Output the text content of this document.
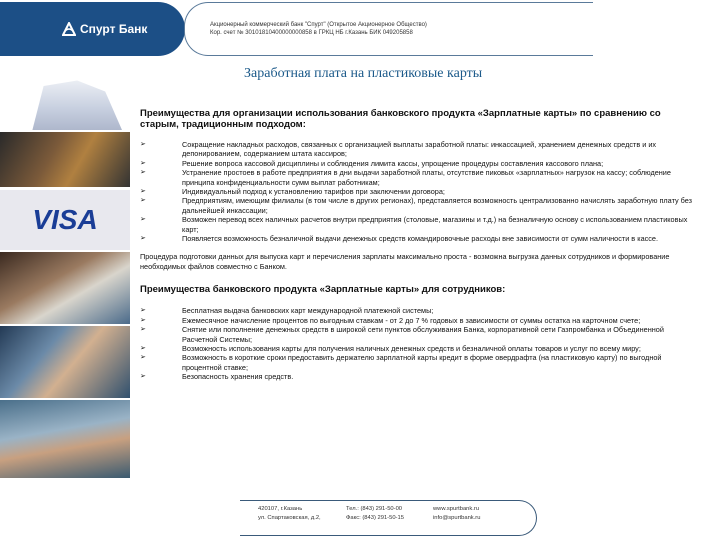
Спурт Банк	Акционерный коммерческий банк "Спурт" (Открытое Акционерное Общество)
Кор. счет № 30101810400000000858 в ГРКЦ НБ г.Казань БИК 049205858
Заработная плата на пластиковые карты
VISA
Преимущества для организации использования банковского продукта «Зарплатные карты» по сравнению со старым, традиционным подходом:
➢	Сокращение накладных расходов, связанных с организацией выплаты заработной платы: инкассацией, хранением денежных средств и их депонированием, содержанием штата кассиров;
➢	Решение вопроса кассовой дисциплины и соблюдения лимита кассы, упрощение процедуры составления кассового плана;
➢	Устранение простоев в работе предприятия в дни выдачи заработной платы, отсутствие пиковых «зарплатных» нагрузок на кассу; соблюдение принципа конфиденциальности сумм выплат работникам;
➢	Индивидуальный подход к установлению тарифов при заключении договора;
➢	Предприятиям, имеющим филиалы (в том числе в других регионах), представляется возможность централизованно начислять заработную плату без дальнейшей инкассации;
➢	Возможен перевод всех наличных расчетов внутри предприятия (столовые, магазины и т.д.) на безналичную основу с использованием пластиковых карт;
➢	Появляется возможность безналичной выдачи денежных средств командировочные расходы вне зависимости от сумм наличности в кассе.
Процедура подготовки данных для выпуска карт и перечисления зарплаты максимально проста - возможна выгрузка данных сотрудников и формирование необходимых файлов совместно с Банком.
Преимущества банковского продукта «Зарплатные карты» для сотрудников:
➢	Бесплатная выдача банковских карт международной платежной системы;
➢	Ежемесячное начисление процентов по выгодным ставкам - от 2 до 7 % годовых в зависимости от суммы остатка на карточном счете;
➢	Снятие или пополнение денежных средств в широкой сети пунктов обслуживания Банка, корпоративной сети Газпромбанка и Объединенной Расчетной Системы;
➢	Возможность использования карты для получения наличных денежных средств и безналичной оплаты товаров и услуг по всему миру;
➢	Возможность в короткие сроки предоставить держателю зарплатной карты кредит в форме овердрафта (на пластиковую карту) по выгодной процентной ставке;
➢	Безопасность хранения средств.
420107, г.Казань
ул. Спартаковская, д.2,
Тел.: (843) 291-50-00
Факс: (843) 291-50-15
www.spurtbank.ru
info@spurtbank.ru
